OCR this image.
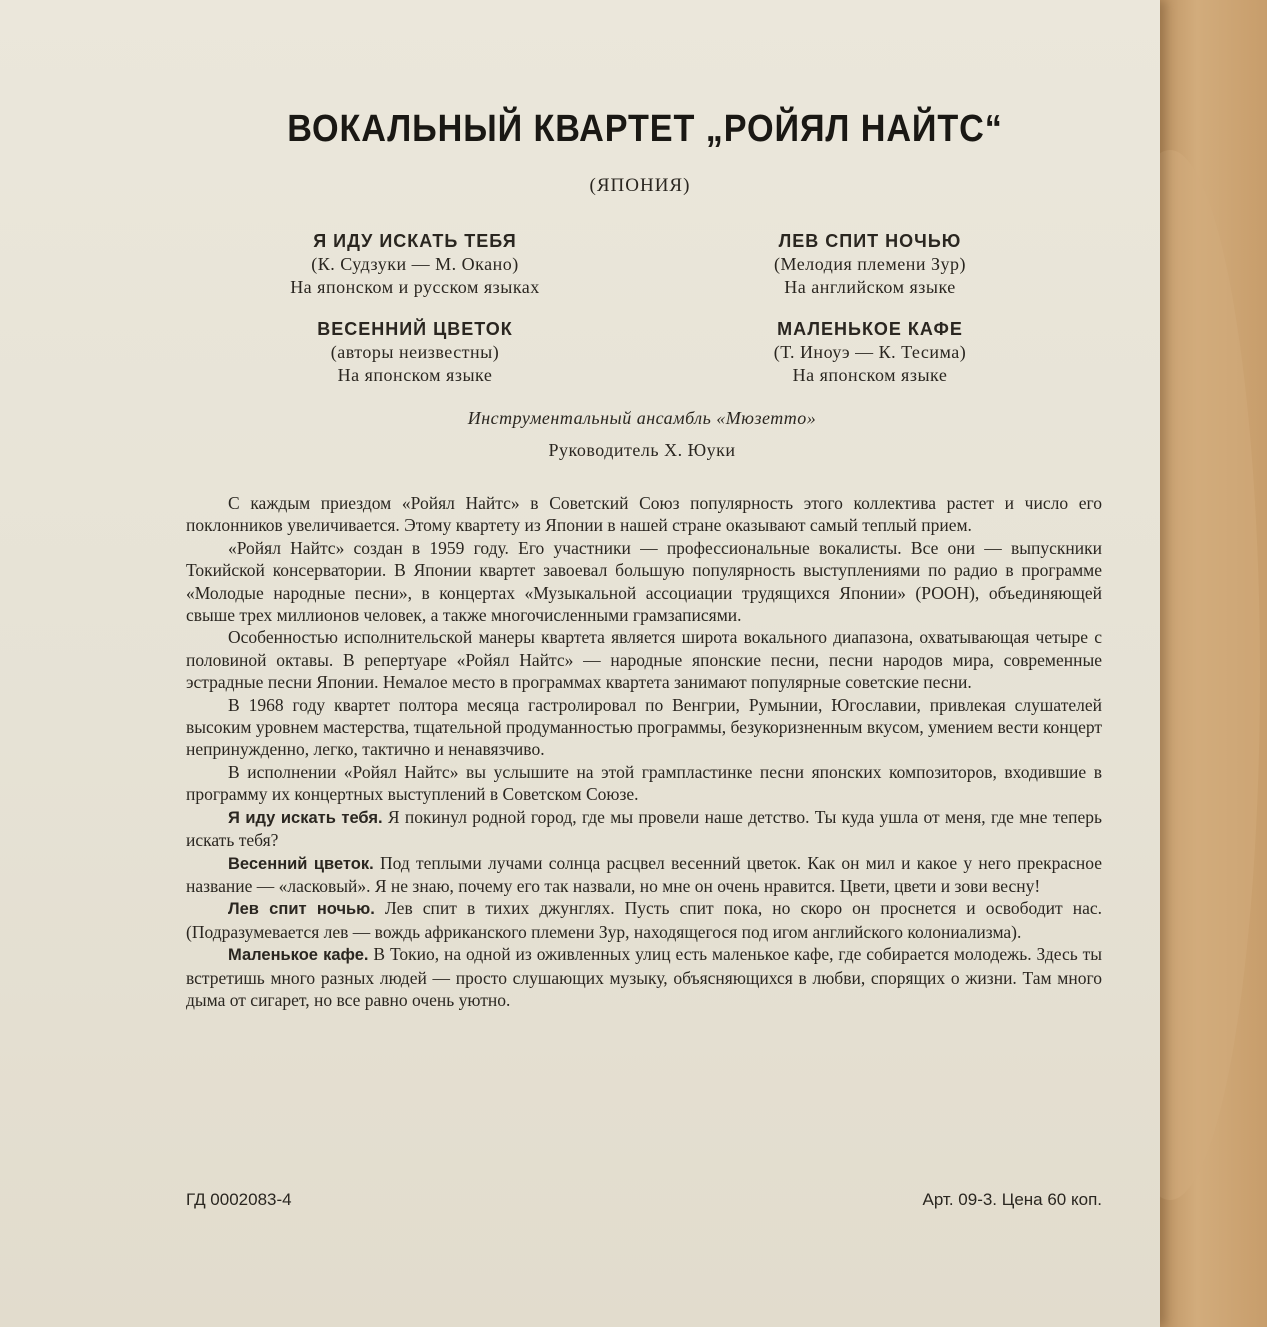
ВОКАЛЬНЫЙ КВАРТЕТ „РОЙЯЛ НАЙТС“
(ЯПОНИЯ)
Я ИДУ ИСКАТЬ ТЕБЯ
(К. Судзуки — М. Окано)
На японском и русском языках
ВЕСЕННИЙ ЦВЕТОК
(авторы неизвестны)
На японском языке
ЛЕВ СПИТ НОЧЬЮ
(Мелодия племени Зур)
На английском языке
МАЛЕНЬКОЕ КАФЕ
(Т. Иноуэ — К. Тесима)
На японском языке
Инструментальный ансамбль «Мюзетто»
Руководитель Х. Юуки

С каждым приездом «Ройял Найтс» в Советский Союз популярность этого коллектива растет и число его поклонников увеличивается. Этому квартету из Японии в нашей стране оказывают самый теплый прием.

«Ройял Найтс» создан в 1959 году. Его участники — профессиональные вокалисты. Все они — выпускники Токийской консерватории. В Японии квартет завоевал большую популярность выступлениями по радио в программе «Молодые народные песни», в концертах «Музыкальной ассоциации трудящихся Японии» (РООН), объединяющей свыше трех миллионов человек, а также многочисленными грамзаписями.

Особенностью исполнительской манеры квартета является широта вокального диапазона, охватывающая четыре с половиной октавы. В репертуаре «Ройял Найтс» — народные японские песни, песни народов мира, современные эстрадные песни Японии. Немалое место в программах квартета занимают популярные советские песни.

В 1968 году квартет полтора месяца гастролировал по Венгрии, Румынии, Югославии, привлекая слушателей высоким уровнем мастерства, тщательной продуманностью программы, безукоризненным вкусом, умением вести концерт непринужденно, легко, тактично и ненавязчиво.

В исполнении «Ройял Найтс» вы услышите на этой грампластинке песни японских композиторов, входившие в программу их концертных выступлений в Советском Союзе.

Я иду искать тебя. Я покинул родной город, где мы провели наше детство. Ты куда ушла от меня, где мне теперь искать тебя?

Весенний цветок. Под теплыми лучами солнца расцвел весенний цветок. Как он мил и какое у него прекрасное название — «ласковый». Я не знаю, почему его так назвали, но мне он очень нравится. Цвети, цвети и зови весну!

Лев спит ночью. Лев спит в тихих джунглях. Пусть спит пока, но скоро он проснется и освободит нас. (Подразумевается лев — вождь африканского племени Зур, находящегося под игом английского колониализма).

Маленькое кафе. В Токио, на одной из оживленных улиц есть маленькое кафе, где собирается молодежь. Здесь ты встретишь много разных людей — просто слушающих музыку, объясняющихся в любви, спорящих о жизни. Там много дыма от сигарет, но все равно очень уютно.

ГД 0002083-4	Арт. 09-3. Цена 60 коп.
